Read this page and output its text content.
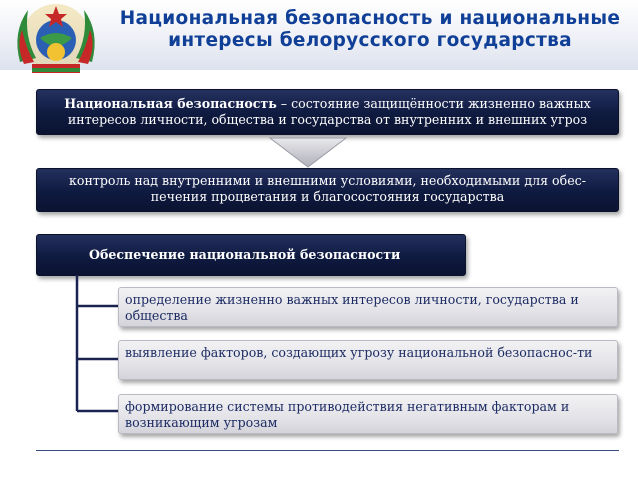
Национальная безопасность и национальные
интересы белорусского государства
Национальная безопасность – состояние защищённости жизненно важных интересов личности, общества и государства от внутренних и внешних угроз
контроль над внутренними и внешними условиями, необходимыми для обес-печения процветания и благосостояния государства
Обеспечение национальной безопасности
определение жизненно важных интересов личности, государства и общества
выявление факторов, создающих угрозу национальной безопаснос-ти
формирование системы противодействия негативным факторам и возникающим угрозам
